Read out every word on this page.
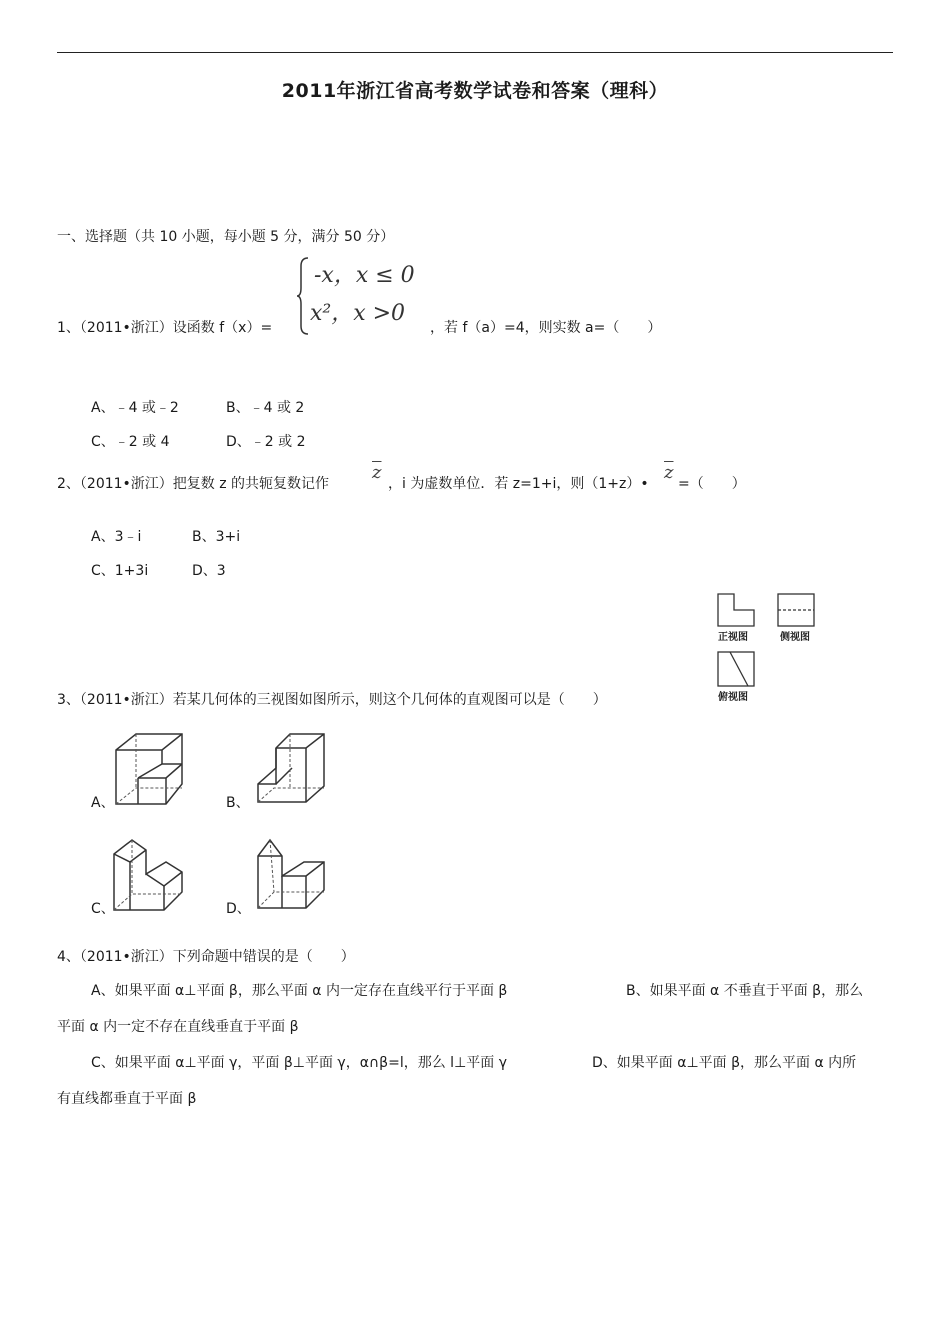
2011年浙江省高考数学试卷和答案（理科）
一、选择题（共 10 小题，每小题 5 分，满分 50 分）
-x，x ≤ 0
x²，x >0
1、（2011•浙江）设函数 f（x）=	，若 f（a）=4，则实数 a=（　　）
A、﹣4 或﹣2	B、﹣4 或 2
C、﹣2 或 4	D、﹣2 或 2
2、（2011•浙江）把复数 z 的共轭复数记作
$\overline{z}$
，i 为虚数单位．若 z=1+i，则（1+z）•
$\overline{z}$
=（　　）
A、3﹣i	B、3+i
C、1+3i	D、3
正视图	侧视图
俯视图
3、（2011•浙江）若某几何体的三视图如图所示，则这个几何体的直观图可以是（　　）
A、	B、
C、	D、
4、（2011•浙江）下列命题中错误的是（　　）
A、如果平面 α⊥平面 β，那么平面 α 内一定存在直线平行于平面 β	B、如果平面 α 不垂直于平面 β，那么
平面 α 内一定不存在直线垂直于平面 β
C、如果平面 α⊥平面 γ，平面 β⊥平面 γ，α∩β=l，那么 l⊥平面 γ	D、如果平面 α⊥平面 β，那么平面 α 内所
有直线都垂直于平面 β
